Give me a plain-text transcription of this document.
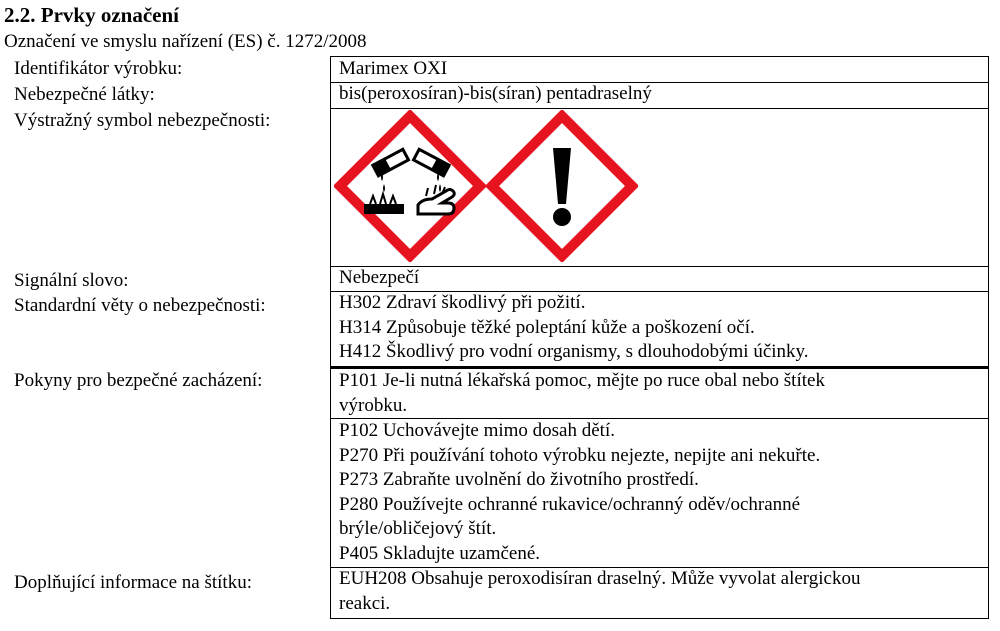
2.2. Prvky označení
Označení ve smyslu nařízení (ES) č. 1272/2008
Identifikátor výrobku:	Marimex OXI
Nebezpečné látky:	bis(peroxosíran)-bis(síran) pentadraselný
Výstražný symbol nebezpečnosti:
Signální slovo:	Nebezpečí
Standardní věty o nebezpečnosti:	H302 Zdraví škodlivý při požití.
H314 Způsobuje těžké poleptání kůže a poškození očí.
H412 Škodlivý pro vodní organismy, s dlouhodobými účinky.
Pokyny pro bezpečné zacházení:	P101 Je-li nutná lékařská pomoc, mějte po ruce obal nebo štítek
výrobku.
P102 Uchovávejte mimo dosah dětí.
P270 Při používání tohoto výrobku nejezte, nepijte ani nekuřte.
P273 Zabraňte uvolnění do životního prostředí.
P280 Používejte ochranné rukavice/ochranný oděv/ochranné
brýle/obličejový štít.
P405 Skladujte uzamčené.
Doplňující informace na štítku:	EUH208 Obsahuje peroxodisíran draselný. Může vyvolat alergickou
reakci.
